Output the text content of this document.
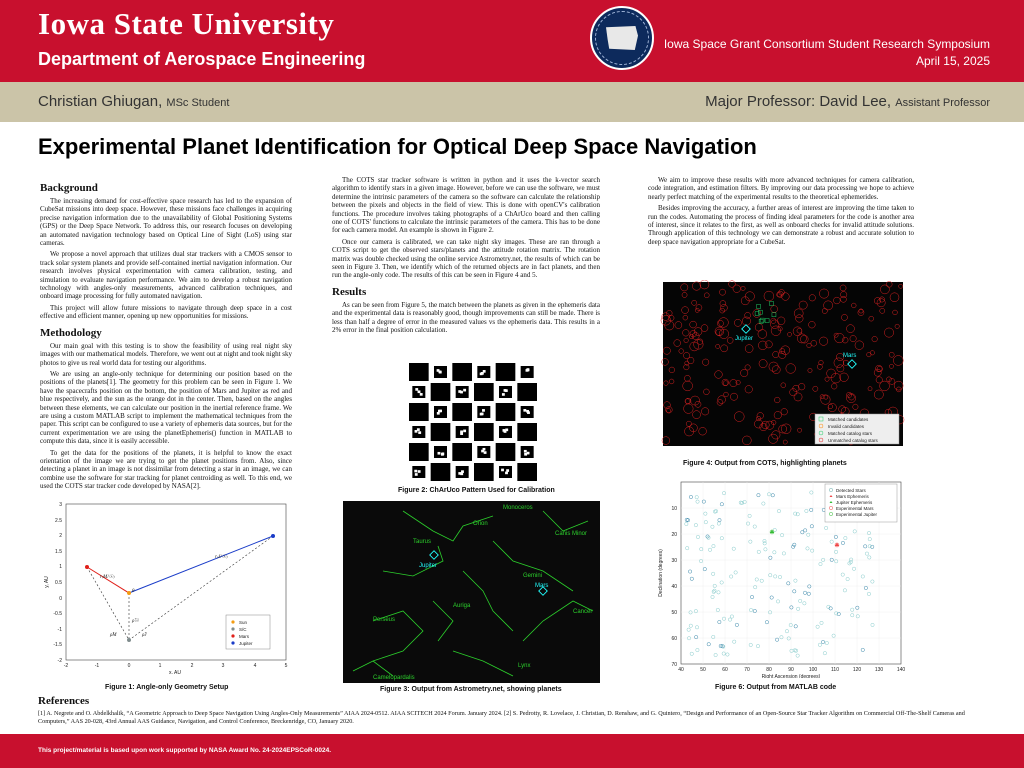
Iowa State University
Department of Aerospace Engineering
Iowa Space Grant Consortium Student Research Symposium
April 15, 2025
Christian Ghiugan, MSc Student	Major Professor: David Lee, Assistant Professor
Experimental Planet Identification for Optical Deep Space Navigation
Background

The increasing demand for cost-effective space research has led to the expansion of CubeSat missions into deep space. However, these missions face challenges in acquiring precise navigation information due to the unavailability of Global Positioning Systems (GPS) or the Deep Space Network. To address this, our research focuses on developing an automated navigation technology based on Optical Line of Sight (LoS) using star cameras.

We propose a novel approach that utilizes dual star trackers with a CMOS sensor to track solar system planets and provide self-contained inertial navigation information. Our research involves physical experimentation with camera calibration, testing, and simulation to evaluate navigation performance. We aim to develop a robust navigation technology with angles-only measurements, advanced calibration techniques, and onboard image processing for fully automated navigation.

This project will allow future missions to navigate through deep space in a cost effective and efficient manner, opening up new opportunities for missions.

Methodology

Our main goal with this testing is to show the feasibility of using real night sky images with our mathematical models. Therefore, we went out at night and took night sky photos to give us real world data for testing our algorithms.

We are using an angle-only technique for determining our position based on the positions of the planets[1]. The geometry for this problem can be seen in Figure 1. We have the spacecrafts position on the bottom, the position of Mars and Jupiter as red and blue respectively, and the sun as the orange dot in the center. Then, based on the angles between these elements, we can calculate our position in the inertial reference frame. We are using a custom MATLAB script to implement the mathematical techniques from the paper. This script can be configured to use a variety of ephemeris data sources, but for the current experimentation we are using the planetEphemeris() function in MATLAB to compute this data, since it is easily accessible.

To get the data for the positions of the planets, it is helpful to know the exact orientation of the image we are trying to get the planet positions from. Also, since detecting a planet in an image is not dissimilar from detecting a star in an image, we can combine use the software for star tracking for planet centroiding as well. To this end, we used the COTS star tracker code developed by NASA[2].

The COTS star tracker software is written in python and it uses the k-vector search algorithm to identify stars in a given image. However, before we can use the software, we must determine the intrinsic parameters of the camera so the software can calculate the relationship between the pixels and objects in the field of view. This is done with openCV's calibration functions. The procedure involves taking photographs of a ChArUco board and then calling one of COTS' functions to calculate the intrinsic parameters of the camera. This has to be done for each camera model. An example is shown in Figure 2.

Once our camera is calibrated, we can take night sky images. These are ran through a COTS script to get the observed stars/planets and the attitude rotation matrix. The rotation matrix was double checked using the online service Astrometry.net, the results of which can be seen in Figure 3. Then, we identify which of the returned objects are in fact planets, and then run the angle-only code. The results of this can be seen in Figure 4 and 5.

Results

As can be seen from Figure 5, the match between the planets as given in the ephemeris data and the experimental data is reasonably good, though improvements can still be made. There is less than half a degree of error in the measured values vs the ephemeris data. This results in a 2% error in the final position calculation.

We aim to improve these results with more advanced techniques for camera calibration, code integration, and estimation filters. By improving our data processing we hope to achieve nearly perfect matching of the experimental results to the theoretical ephemerides.

Besides improving the accuracy, a further areas of interest are improving the time taken to run the codes. Automating the process of finding ideal parameters for the code is another area of interest, since it relates to the first, as well as onboard checks for invalid attitude solutions. Through application of this technology we can demonstrate a robust and accurate solution to deep space navigation appropriate for a CubeSat.

-2	-1	0	1	2	3	4	5
3
2.5
2
1.5
1
0.5
0
-0.5
-1
-1.5
-2
x, AU
y, AU
r₍J/☉₎
r₍M/☉₎
θ
ρ̂☉
ρ̂M	ρ̂J
Sun
S/C
Mars
Jupiter
Figure 1: Angle-only Geometry Setup
Figure 2: ChArUco Pattern Used for Calibration
Orion
Monoceros
Canis Minor
Taurus
Gemini
Auriga
Cancer
Perseus
Lynx
Camelopardalis
Jupiter
Mars
Figure 3: Output from Astrometry.net, showing planets
Jupiter
Mars
Matched candidates
Invalid candidates
Matched catalog stars
Unmatched catalog stars
Figure 4: Output from COTS, highlighting planets
40	50	60	70	80	90	100	110	120	130	140
10
20
30
40
50
60
70
Right Ascension (degrees)
Declination (degrees)
Detected Stars
Mars Ephemeris
Jupiter Ephemeris
Experimental Mars
Experimental Jupiter
Figure 6: Output from MATLAB code
References
[1] A. Negrete and O. Abdelkhalik, “A Geometric Approach to Deep Space Navigation Using Angles-Only Measurements” AIAA 2024-0512. AIAA SCITECH 2024 Forum. January 2024. [2] S. Pedrotty, R. Lovelace, J. Christian, D. Renshaw, and G. Quintero, “Design and Performance of an Open-Source Star Tracker Algorithm on Commercial Off-The-Shelf Cameras and Computers,” AAS 20-028, 43rd Annual AAS Guidance, Navigation, and Control Conference, Breckenridge, CO, January 2020.
This project/material is based upon work supported by NASA Award No. 24-2024EPSCoR-0024.
